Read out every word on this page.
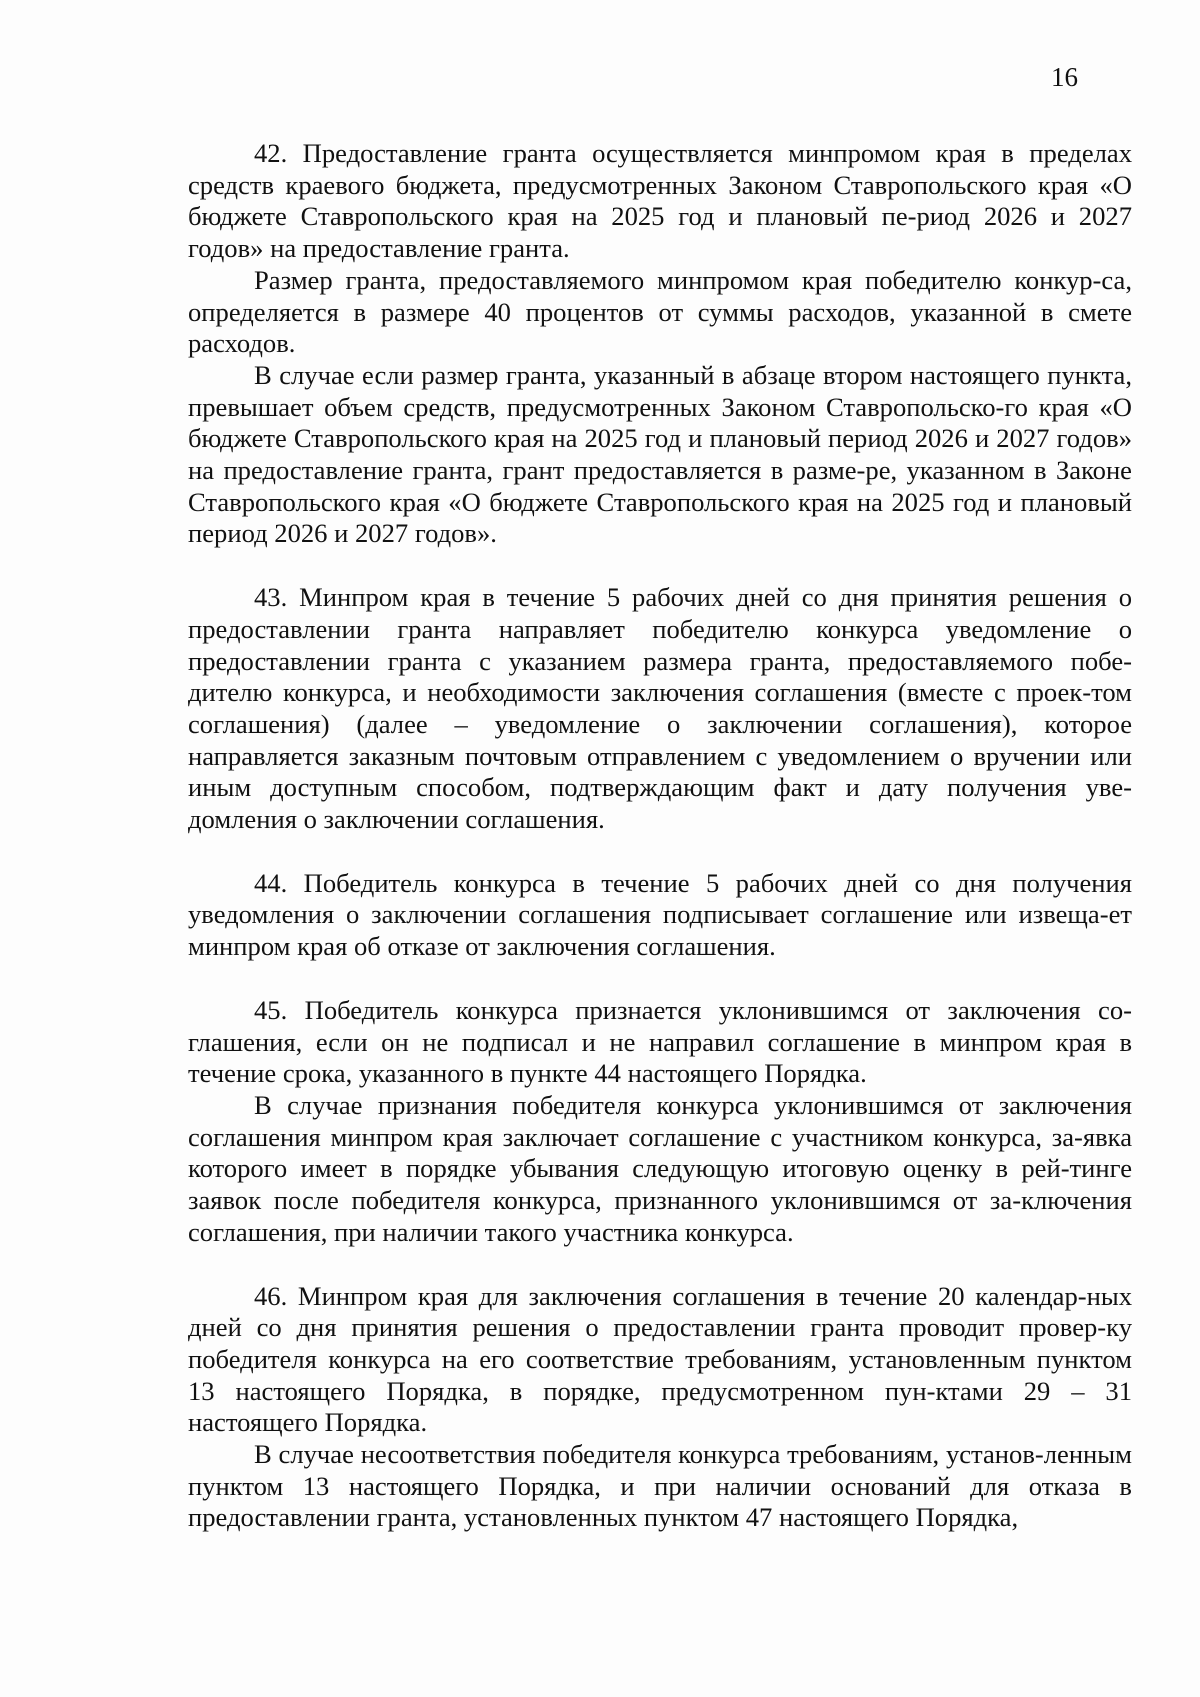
16

42. Предоставление гранта осуществляется минпромом края в пределах средств краевого бюджета, предусмотренных Законом Ставропольского края «О бюджете Ставропольского края на 2025 год и плановый пе-риод 2026 и 2027 годов» на предоставление гранта.

Размер гранта, предоставляемого минпромом края победителю конкур-са, определяется в размере 40 процентов от суммы расходов, указанной в смете расходов.

В случае если размер гранта, указанный в абзаце втором настоящего пункта, превышает объем средств, предусмотренных Законом Ставропольско-го края «О бюджете Ставропольского края на 2025 год и плановый период 2026 и 2027 годов» на предоставление гранта, грант предоставляется в разме-ре, указанном в Законе Ставропольского края «О бюджете Ставропольского края на 2025 год и плановый период 2026 и 2027 годов».

43. Минпром края в течение 5 рабочих дней со дня принятия решения о предоставлении гранта направляет победителю конкурса уведомление о предоставлении гранта с указанием размера гранта, предоставляемого побе-дителю конкурса, и необходимости заключения соглашения (вместе с проек-том соглашения) (далее – уведомление о заключении соглашения), которое направляется заказным почтовым отправлением с уведомлением о вручении или иным доступным способом, подтверждающим факт и дату получения уве-домления о заключении соглашения.

44. Победитель конкурса в течение 5 рабочих дней со дня получения уведомления о заключении соглашения подписывает соглашение или извеща-ет минпром края об отказе от заключения соглашения.

45. Победитель конкурса признается уклонившимся от заключения со-глашения, если он не подписал и не направил соглашение в минпром края в течение срока, указанного в пункте 44 настоящего Порядка.

В случае признания победителя конкурса уклонившимся от заключения соглашения минпром края заключает соглашение с участником конкурса, за-явка которого имеет в порядке убывания следующую итоговую оценку в рей-тинге заявок после победителя конкурса, признанного уклонившимся от за-ключения соглашения, при наличии такого участника конкурса.

46. Минпром края для заключения соглашения в течение 20 календар-ных дней со дня принятия решения о предоставлении гранта проводит провер-ку победителя конкурса на его соответствие требованиям, установленным пунктом 13 настоящего Порядка, в порядке, предусмотренном пун-ктами 29 – 31 настоящего Порядка.

В случае несоответствия победителя конкурса требованиям, установ-ленным пунктом 13 настоящего Порядка, и при наличии оснований для отказа в предоставлении гранта, установленных пунктом 47 настоящего Порядка,
